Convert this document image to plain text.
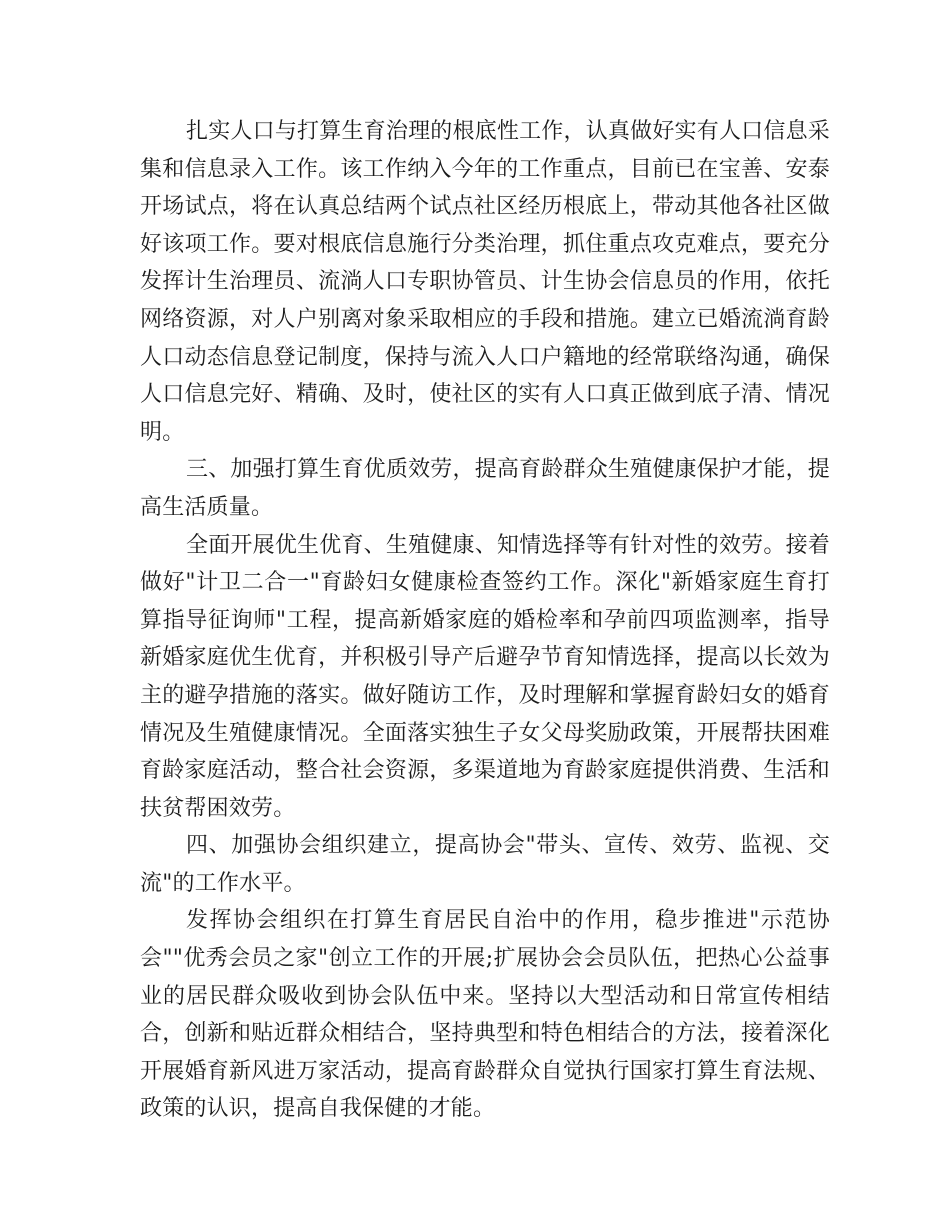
扎实人口与打算生育治理的根底性工作，认真做好实有人口信息采集和信息录入工作。该工作纳入今年的工作重点，目前已在宝善、安泰开场试点，将在认真总结两个试点社区经历根底上，带动其他各社区做好该项工作。要对根底信息施行分类治理，抓住重点攻克难点，要充分发挥计生治理员、流淌人口专职协管员、计生协会信息员的作用，依托网络资源，对人户别离对象采取相应的手段和措施。建立已婚流淌育龄人口动态信息登记制度，保持与流入人口户籍地的经常联络沟通，确保人口信息完好、精确、及时，使社区的实有人口真正做到底子清、情况明。

三、加强打算生育优质效劳，提高育龄群众生殖健康保护才能，提高生活质量。

全面开展优生优育、生殖健康、知情选择等有针对性的效劳。接着做好"计卫二合一"育龄妇女健康检查签约工作。深化"新婚家庭生育打算指导征询师"工程，提高新婚家庭的婚检率和孕前四项监测率，指导新婚家庭优生优育，并积极引导产后避孕节育知情选择，提高以长效为主的避孕措施的落实。做好随访工作，及时理解和掌握育龄妇女的婚育情况及生殖健康情况。全面落实独生子女父母奖励政策，开展帮扶困难育龄家庭活动，整合社会资源，多渠道地为育龄家庭提供消费、生活和扶贫帮困效劳。

四、加强协会组织建立，提高协会"带头、宣传、效劳、监视、交流"的工作水平。

发挥协会组织在打算生育居民自治中的作用，稳步推进"示范协会""优秀会员之家"创立工作的开展;扩展协会会员队伍，把热心公益事业的居民群众吸收到协会队伍中来。坚持以大型活动和日常宣传相结合，创新和贴近群众相结合，坚持典型和特色相结合的方法，接着深化开展婚育新风进万家活动，提高育龄群众自觉执行国家打算生育法规、政策的认识，提高自我保健的才能。
